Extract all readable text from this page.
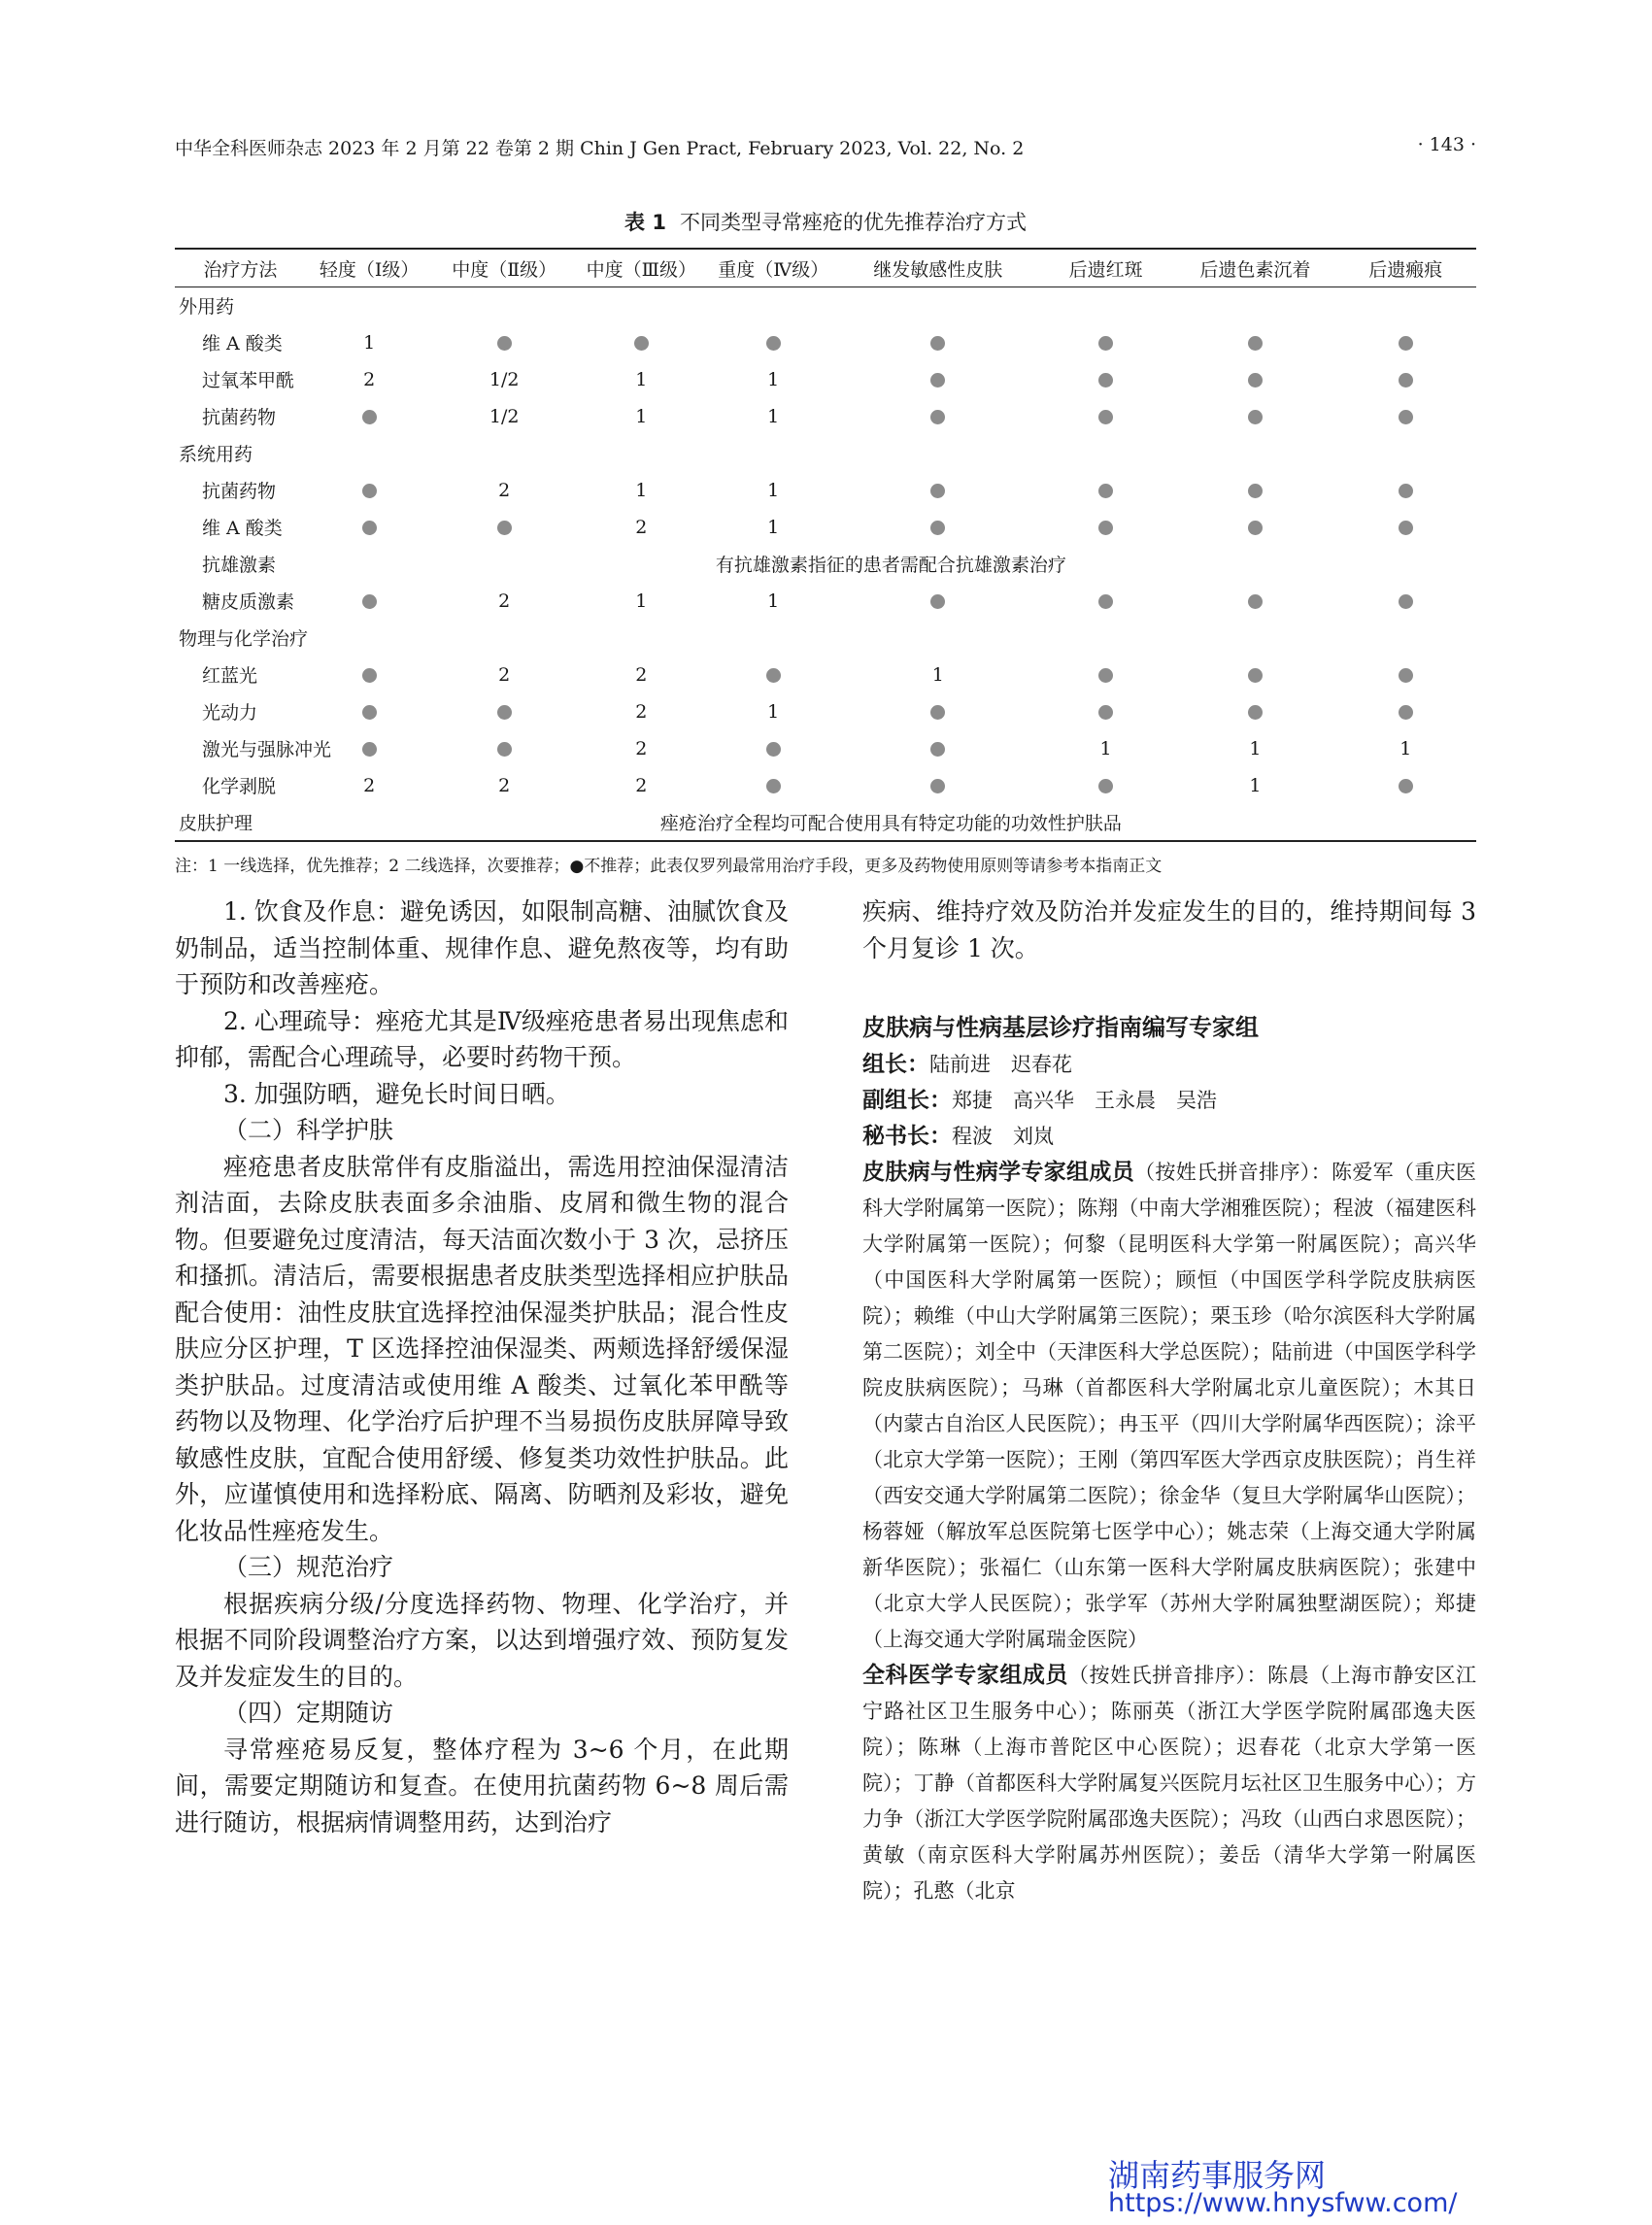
中华全科医师杂志 2023 年 2 月第 22 卷第 2 期 Chin J Gen Pract, February 2023, Vol. 22, No. 2	· 143 ·
表 1 不同类型寻常痤疮的优先推荐治疗方式
治疗方法	轻度（Ⅰ级）	中度（Ⅱ级）	中度（Ⅲ级）	重度（Ⅳ级）	继发敏感性皮肤	后遗红斑	后遗色素沉着	后遗瘢痕
外用药								
维 A 酸类	1							
过氧苯甲酰	2	1/2	1	1				
抗菌药物		1/2	1	1				
系统用药								
抗菌药物		2	1	1				
维 A 酸类			2	1				
抗雄激素	有抗雄激素指征的患者需配合抗雄激素治疗							
糖皮质激素		2	1	1				
物理与化学治疗								
红蓝光		2	2		1			
光动力			2	1				
激光与强脉冲光			2			1	1	1
化学剥脱	2	2	2				1	
皮肤护理	痤疮治疗全程均可配合使用具有特定功能的功效性护肤品							
注：1 一线选择，优先推荐；2 二线选择，次要推荐；●不推荐；此表仅罗列最常用治疗手段，更多及药物使用原则等请参考本指南正文

1. 饮食及作息：避免诱因，如限制高糖、油腻饮食及奶制品，适当控制体重、规律作息、避免熬夜等，均有助于预防和改善痤疮。

2. 心理疏导：痤疮尤其是Ⅳ级痤疮患者易出现焦虑和抑郁，需配合心理疏导，必要时药物干预。

3. 加强防晒，避免长时间日晒。

（二）科学护肤

痤疮患者皮肤常伴有皮脂溢出，需选用控油保湿清洁剂洁面，去除皮肤表面多余油脂、皮屑和微生物的混合物。但要避免过度清洁，每天洁面次数小于 3 次，忌挤压和搔抓。清洁后，需要根据患者皮肤类型选择相应护肤品配合使用：油性皮肤宜选择控油保湿类护肤品；混合性皮肤应分区护理，T 区选择控油保湿类、两颊选择舒缓保湿类护肤品。过度清洁或使用维 A 酸类、过氧化苯甲酰等药物以及物理、化学治疗后护理不当易损伤皮肤屏障导致敏感性皮肤，宜配合使用舒缓、修复类功效性护肤品。此外，应谨慎使用和选择粉底、隔离、防晒剂及彩妆，避免化妆品性痤疮发生。

（三）规范治疗

根据疾病分级/分度选择药物、物理、化学治疗，并根据不同阶段调整治疗方案，以达到增强疗效、预防复发及并发症发生的目的。

（四）定期随访

寻常痤疮易反复，整体疗程为 3~6 个月，在此期间，需要定期随访和复查。在使用抗菌药物 6~8 周后需进行随访，根据病情调整用药，达到治疗

疾病、维持疗效及防治并发症发生的目的，维持期间每 3 个月复诊 1 次。

皮肤病与性病基层诊疗指南编写专家组
组长：陆前进　迟春花
副组长：郑捷　高兴华　王永晨　吴浩
秘书长：程波　刘岚
皮肤病与性病学专家组成员（按姓氏拼音排序）：陈爱军（重庆医科大学附属第一医院）；陈翔（中南大学湘雅医院）；程波（福建医科大学附属第一医院）；何黎（昆明医科大学第一附属医院）；高兴华（中国医科大学附属第一医院）；顾恒（中国医学科学院皮肤病医院）；赖维（中山大学附属第三医院）；栗玉珍（哈尔滨医科大学附属第二医院）；刘全中（天津医科大学总医院）；陆前进（中国医学科学院皮肤病医院）；马琳（首都医科大学附属北京儿童医院）；木其日（内蒙古自治区人民医院）；冉玉平（四川大学附属华西医院）；涂平（北京大学第一医院）；王刚（第四军医大学西京皮肤医院）；肖生祥（西安交通大学附属第二医院）；徐金华（复旦大学附属华山医院）；杨蓉娅（解放军总医院第七医学中心）；姚志荣（上海交通大学附属新华医院）；张福仁（山东第一医科大学附属皮肤病医院）；张建中（北京大学人民医院）；张学军（苏州大学附属独墅湖医院）；郑捷（上海交通大学附属瑞金医院）
全科医学专家组成员（按姓氏拼音排序）：陈晨（上海市静安区江宁路社区卫生服务中心）；陈丽英（浙江大学医学院附属邵逸夫医院）；陈琳（上海市普陀区中心医院）；迟春花（北京大学第一医院）；丁静（首都医科大学附属复兴医院月坛社区卫生服务中心）；方力争（浙江大学医学院附属邵逸夫医院）；冯玫（山西白求恩医院）；黄敏（南京医科大学附属苏州医院）；姜岳（清华大学第一附属医院）；孔憨（北京
湖南药事服务网
https://www.hnysfww.com/
